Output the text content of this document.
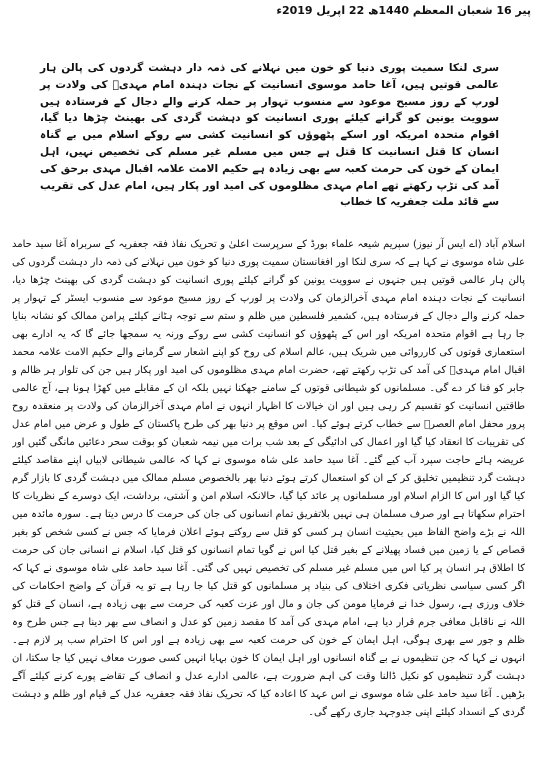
پیر 16 شعبان المعظم 1440ھ 22 اپریل 2019ء
سری لنکا سمیت پوری دنیا کو خون میں نہلانے کی ذمہ دار دہشت گردوں کی پالن ہار عالمی قوتیں ہیں، آغا حامد موسوی انسانیت کے نجات دہندہ امام مہدیؑ کی ولادت پر لورپ کے روز مسیح موعود سے منسوب تہوار پر حملہ کرنے والے دجال کے فرستادہ ہیں سوویت یونین کو گرانے کیلئے پوری انسانیت کو دہشت گردی کی بھینٹ چڑھا دیا گیا، اقوام متحدہ امریکہ اور اسکے پٹھوؤں کو انسانیت کشی سے روکے اسلام میں بے گناہ انسان کا قتل انسانیت کا قتل ہے جس میں مسلم غیر مسلم کی تخصیص نہیں، اہل ایمان کے خون کی حرمت کعبہ سے بھی زیادہ ہے حکیم الامت علامہ اقبال مہدی برحق کی آمد کی تڑپ رکھتے تھے امام مہدی مظلوموں کی امید اور پکار ہیں، امام عدل کی تقریب سے قائد ملت جعفریہ کا خطاب

اسلام آباد (اے ایس آر نیوز) سپریم شیعہ علماء بورڈ کے سرپرست اعلیٰ و تحریک نفاذ فقہ جعفریہ کے سربراہ آغا سید حامد علی شاہ موسوی نے کہا ہے کہ سری لنکا اور افغانستان سمیت پوری دنیا کو خون میں نہلانے کی ذمہ دار دہشت گردوں کی پالن ہار عالمی قوتیں ہیں جنہوں نے سوویت یونین کو گرانے کیلئے پوری انسانیت کو دہشت گردی کی بھینٹ چڑھا دیا، انسانیت کے نجات دہندہ امام مہدی آخرالزمان کی ولادت پر لورپ کے روز مسیح موعود سے منسوب ایسٹر کے تہوار پر حملہ کرنے والے دجال کے فرستادہ ہیں، کشمیر فلسطین میں ظلم و ستم سے توجہ ہٹانے کیلئے پرامن ممالک کو نشانہ بنایا جا رہا ہے اقوام متحدہ امریکہ اور اس کے پٹھوؤں کو انسانیت کشی سے روکے ورنہ یہ سمجھا جائے گا کہ یہ ادارے بھی استعماری قوتوں کی کارروائی میں شریک ہیں، عالم اسلام کی روح کو اپنے اشعار سے گرمانے والے حکیم الامت علامہ محمد اقبال امام مہدیؑ کی آمد کی تڑپ رکھتے تھے، حضرت امام مہدی مظلوموں کی امید اور پکار ہیں جن کی تلوار ہر ظالم و جابر کو فنا کر دے گی۔ مسلمانوں کو شیطانی قوتوں کے سامنے جھکنا نہیں بلکہ ان کے مقابلے میں کھڑا ہونا ہے، آج عالمی طاقتیں انسانیت کو تقسیم کر رہی ہیں اور ان خیالات کا اظہار انہوں نے امام مہدی آخرالزمان کی ولادت پر منعقدہ روح پرور محفل امام العصرؑ سے خطاب کرتے ہوئے کیا۔ اس موقع پر دنیا بھر کی طرح پاکستان کے طول و عرض میں امام عدل کی تقریبات کا انعقاد کیا گیا اور اعمال کی ادائیگی کے بعد شب برات میں نیمہ شعبان کو بوقت سحر دعائیں مانگی گئیں اور عریضہ ہائے حاجت سپرد آب کیے گئے۔ آغا سید حامد علی شاہ موسوی نے کہا کہ عالمی شیطانی لابیاں اپنے مقاصد کیلئے دہشت گرد تنظیمیں تخلیق کر کے ان کو استعمال کرتے ہوئے دنیا بھر بالخصوص مسلم ممالک میں دہشت گردی کا بازار گرم کیا گیا اور اس کا الزام اسلام اور مسلمانوں پر عائد کیا گیا، حالانکہ اسلام امن و آشتی، برداشت، ایک دوسرے کے نظریات کا احترام سکھاتا ہے اور صرف مسلمان ہی نہیں بلاتفریق تمام انسانوں کی جان کی حرمت کا درس دیتا ہے۔ سورہ مائدہ میں اللہ نے بڑے واضح الفاظ میں بحیثیت انسان ہر کسی کو قتل سے روکتے ہوئے اعلان فرمایا کہ جس نے کسی شخص کو بغیر قصاص کے یا زمین میں فساد پھیلانے کے بغیر قتل کیا اس نے گویا تمام انسانوں کو قتل کیا، اسلام نے انسانی جان کی حرمت کا اطلاق ہر انسان پر کیا اس میں مسلم غیر مسلم کی تخصیص نہیں کی گئی۔ آغا سید حامد علی شاہ موسوی نے کہا کہ اگر کسی سیاسی نظریاتی فکری اختلاف کی بنیاد پر مسلمانوں کو قتل کیا جا رہا ہے تو یہ قرآن کے واضح احکامات کی خلاف ورزی ہے، رسول خدا نے فرمایا مومن کی جان و مال اور عزت کعبہ کی حرمت سے بھی زیادہ ہے، انسان کے قتل کو اللہ نے ناقابل معافی جرم قرار دیا ہے، امام مہدی کی آمد کا مقصد زمین کو عدل و انصاف سے بھر دینا ہے جس طرح وہ ظلم و جور سے بھری ہوگی، اہل ایمان کے خون کی حرمت کعبہ سے بھی زیادہ ہے اور اس کا احترام سب پر لازم ہے۔ انہوں نے کہا کہ جن تنظیموں نے بے گناہ انسانوں اور اہل ایمان کا خون بہایا انہیں کسی صورت معاف نہیں کیا جا سکتا، ان دہشت گرد تنظیموں کو نکیل ڈالنا وقت کی اہم ضرورت ہے، عالمی ادارے عدل و انصاف کے تقاضے پورے کرنے کیلئے آگے بڑھیں۔ آغا سید حامد علی شاہ موسوی نے اس عہد کا اعادہ کیا کہ تحریک نفاذ فقہ جعفریہ عدل کے قیام اور ظلم و دہشت گردی کے انسداد کیلئے اپنی جدوجہد جاری رکھے گی۔
